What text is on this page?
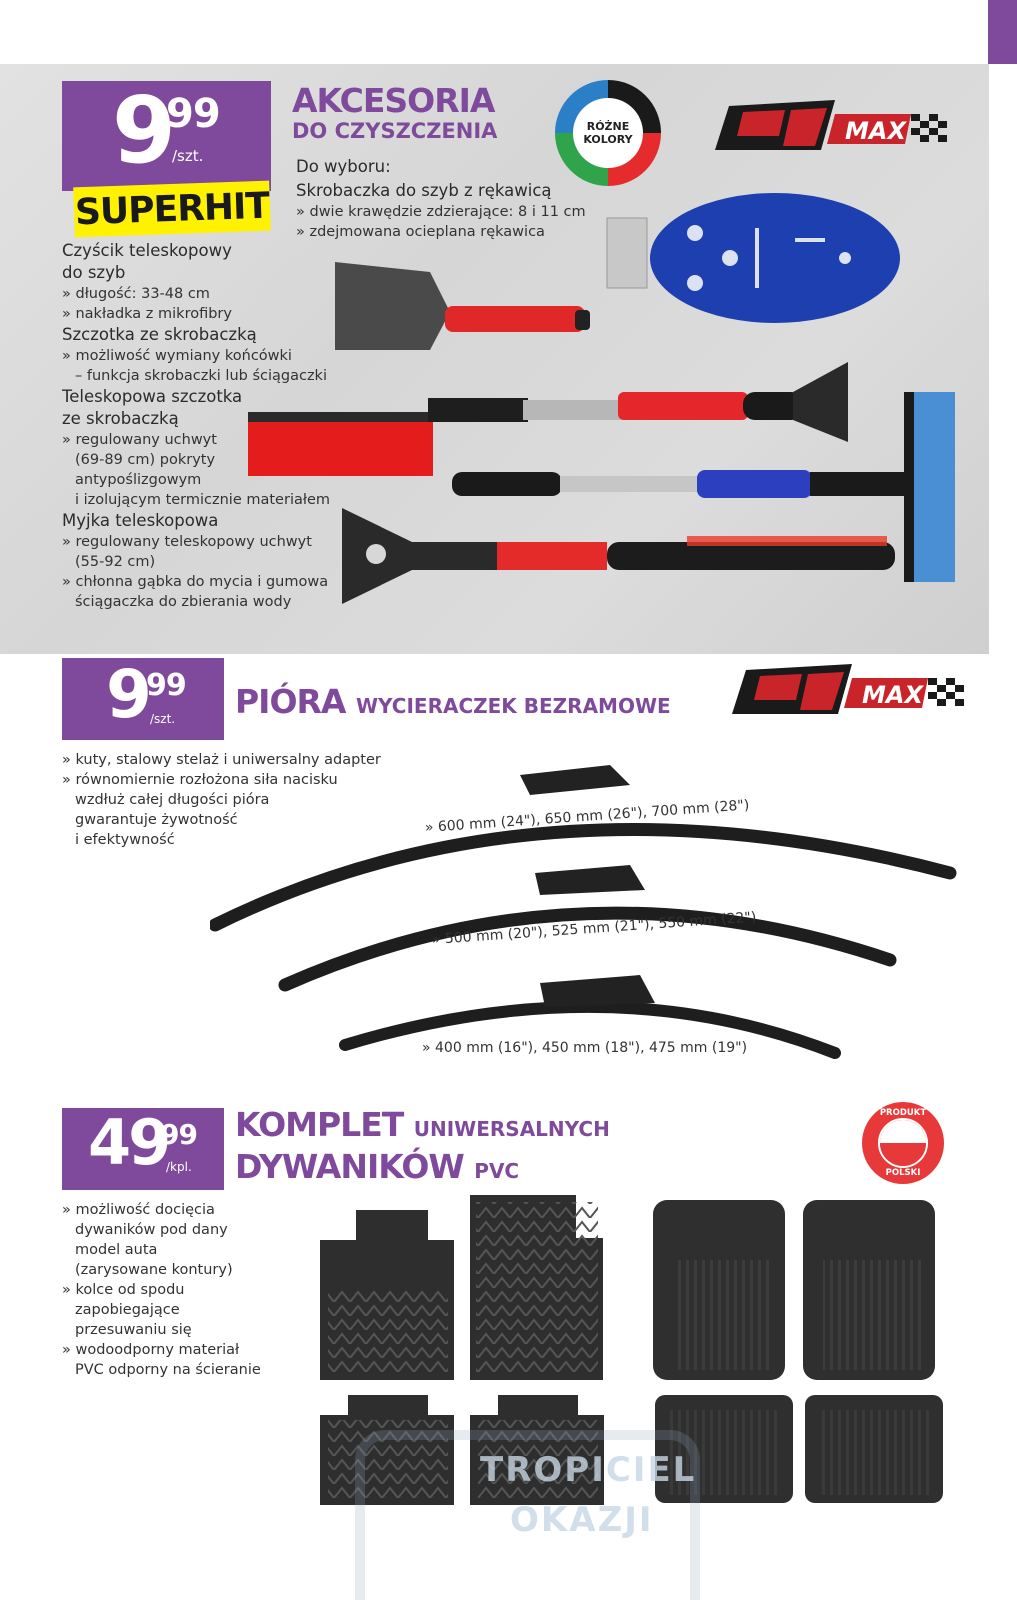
9
99
/szt.
SUPERHIT
AKCESORIA
DO CZYSZCZENIA
Do wyboru:
Skrobaczka do szyb z rękawicą
» dwie krawędzie zdzierające: 8 i 11 cm
» zdejmowana ocieplana rękawica
RÓŻNE
KOLORY	MAX
Czyścik teleskopowy
do szyb
» długość: 33-48 cm
» nakładka z mikrofibry
Szczotka ze skrobaczką
» możliwość wymiany końcówki
– funkcja skrobaczki lub ściągaczki
Teleskopowa szczotka
ze skrobaczką
» regulowany uchwyt
(69-89 cm) pokryty
antypoślizgowym
i izolującym termicznie materiałem
Myjka teleskopowa
» regulowany teleskopowy uchwyt
(55-92 cm)
» chłonna gąbka do mycia i gumowa
ściągaczka do zbierania wody
9
99
/szt. PIÓRA WYCIERACZEK BEZRAMOWE	MAX
» kuty, stalowy stelaż i uniwersalny adapter
» równomiernie rozłożona siła nacisku
wzdłuż całej długości pióra
gwarantuje żywotność
i efektywność
» 600 mm (24"), 650 mm (26"), 700 mm (28")
» 500 mm (20"), 525 mm (21"), 550 mm (22")
» 400 mm (16"), 450 mm (18"), 475 mm (19")
49
99
/kpl.
KOMPLET UNIWERSALNYCH
DYWANIKÓW PVC
PRODUKT
POLSKI
» możliwość docięcia
dywaników pod dany
model auta
(zarysowane kontury)
» kolce od spodu
zapobiegające
przesuwaniu się
» wodoodporny materiał
PVC odporny na ścieranie
TROPICIEL
OKAZJI
